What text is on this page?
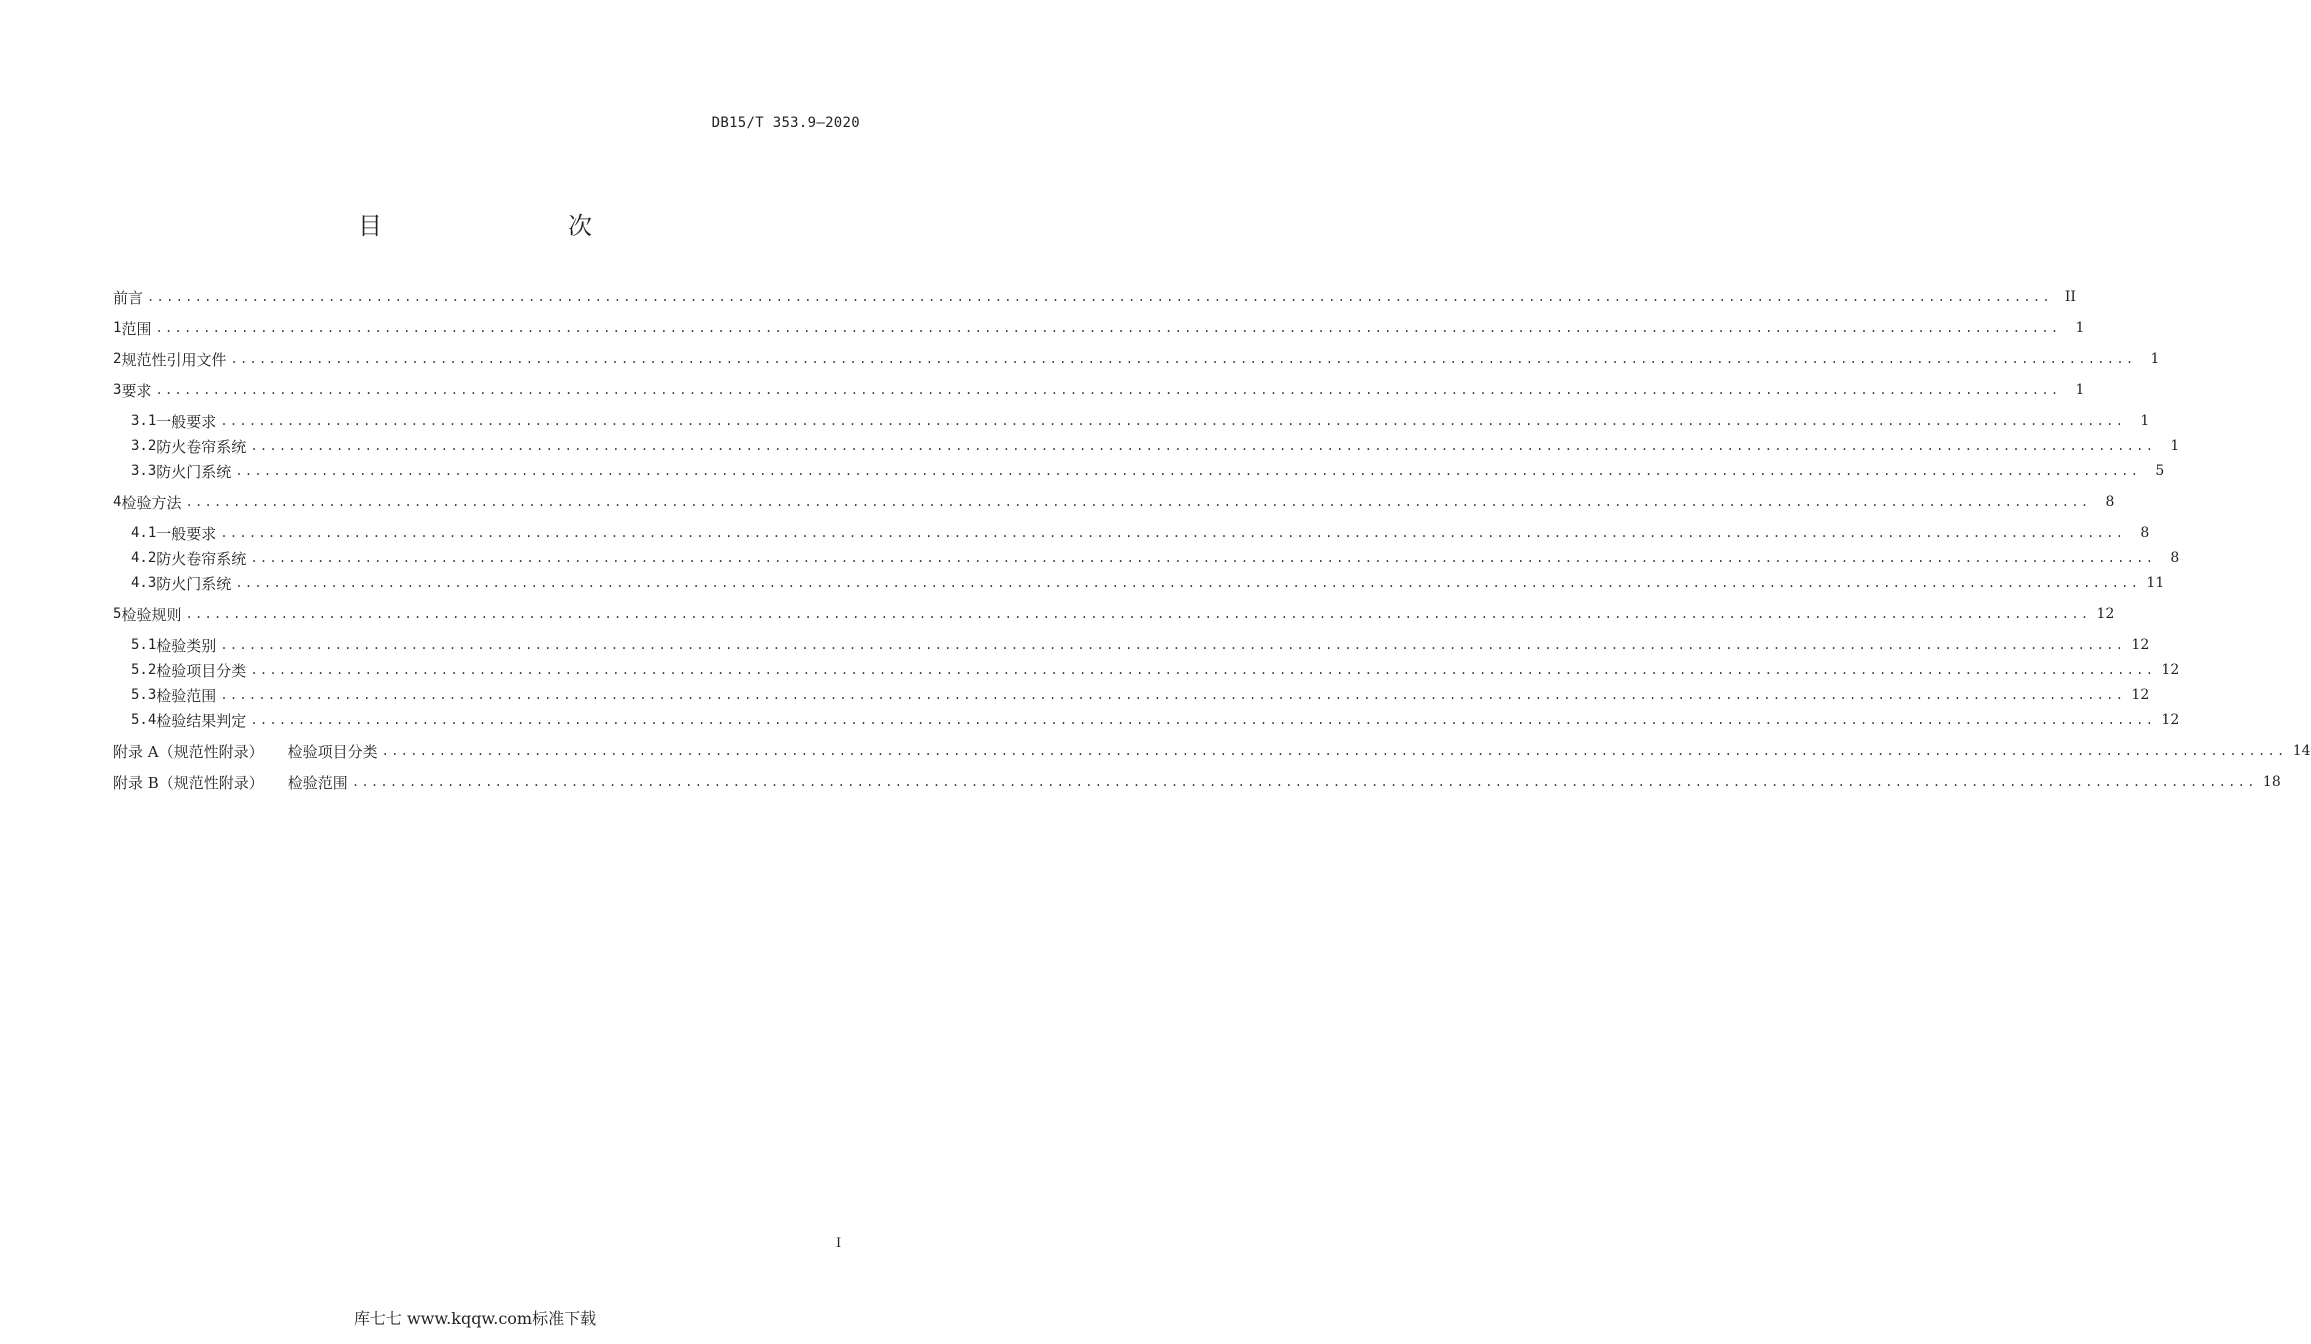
DB15/T 353.9—2020
目　　次
前言 ........................................................................................................................................................................................................ II
1 范围 ........................................................................................................................................................................................................	1
2 规范性引用文件 ........................................................................................................................................................................................................	1
3 要求 ........................................................................................................................................................................................................	1
3.1 一般要求 ........................................................................................................................................................................................................	1
3.2 防火卷帘系统 ........................................................................................................................................................................................................	1
3.3 防火门系统 ........................................................................................................................................................................................................	5
4 检验方法 ........................................................................................................................................................................................................	8
4.1 一般要求 ........................................................................................................................................................................................................	8
4.2 防火卷帘系统 ........................................................................................................................................................................................................	8
4.3 防火门系统 ........................................................................................................................................................................................................ 11
5 检验规则 ........................................................................................................................................................................................................ 12
5.1 检验类别 ........................................................................................................................................................................................................ 12
5.2 检验项目分类 ........................................................................................................................................................................................................ 12
5.3 检验范围 ........................................................................................................................................................................................................ 12
5.4 检验结果判定 ........................................................................................................................................................................................................ 12
附录 A（规范性附录） 检验项目分类 ........................................................................................................................................................................................................ 14
附录 B（规范性附录） 检验范围 ........................................................................................................................................................................................................ 18
I
库七七 www.kqqw.com标准下载
